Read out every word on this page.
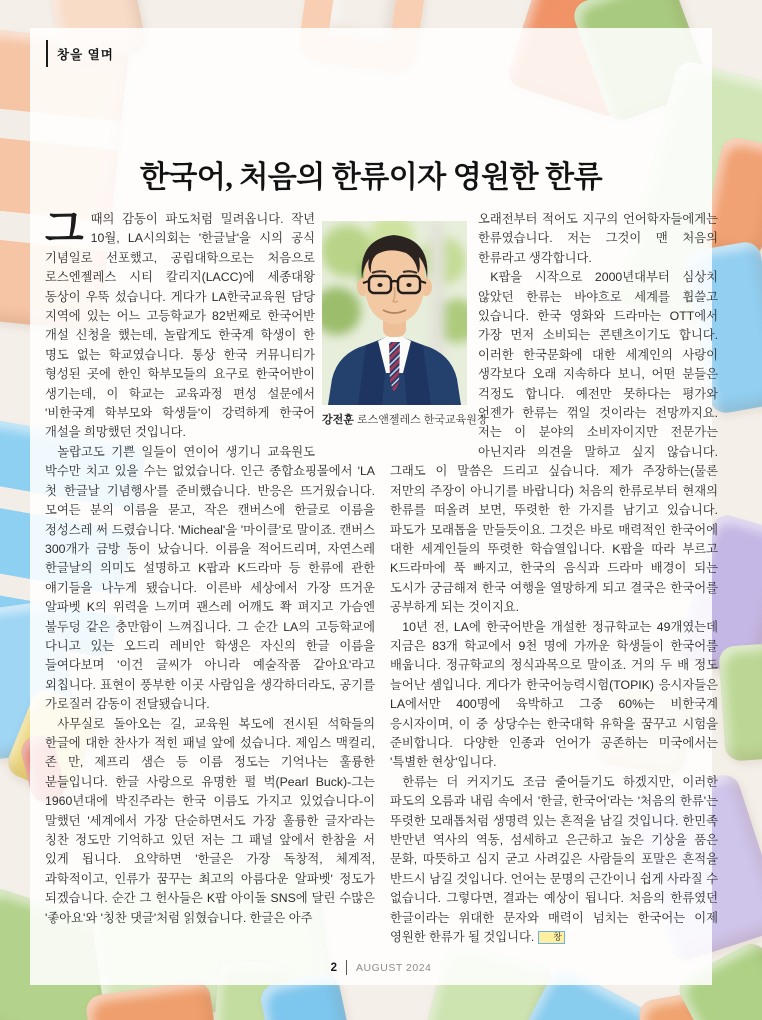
창을 열며
한국어, 처음의 한류이자 영원한 한류

그때의 감동이 파도처럼 밀려옵니다. 작년 10월, LA시의회는 '한글날'을 시의 공식 기념일로 선포했고, 공립대학으로는 처음으로 로스엔젤레스 시티 칼리지(LACC)에 세종대왕 동상이 우뚝 섰습니다. 게다가 LA한국교육원 담당 지역에 있는 어느 고등학교가 82번째로 한국어반 개설 신청을 했는데, 놀랍게도 한국계 학생이 한 명도 없는 학교였습니다. 통상 한국 커뮤니티가 형성된 곳에 한인 학부모들의 요구로 한국어반이 생기는데, 이 학교는 교육과정 편성 설문에서 '비한국계 학부모와 학생들'이 강력하게 한국어 개설을 희망했던 것입니다.

놀랍고도 기쁜 일들이 연이어 생기니 교육원도 박수만 치고 있을 수는 없었습니다. 인근 종합쇼핑몰에서 'LA 첫 한글날 기념행사'를 준비했습니다. 반응은 뜨거웠습니다. 모여든 분의 이름을 묻고, 작은 캔버스에 한글로 이름을 정성스레 써 드렸습니다. 'Micheal'을 '마이클'로 말이죠. 캔버스 300개가 금방 동이 났습니다. 이름을 적어드리며, 자연스레 한글날의 의미도 설명하고 K팝과 K드라마 등 한류에 관한 얘기들을 나누게 됐습니다. 이른바 세상에서 가장 뜨거운 알파벳 K의 위력을 느끼며 괜스레 어깨도 쫙 펴지고 가슴엔 불두덩 같은 충만함이 느껴집니다. 그 순간 LA의 고등학교에 다니고 있는 오드리 레비안 학생은 자신의 한글 이름을 들여다보며 '이건 글씨가 아니라 예술작품 같아요'라고 외칩니다. 표현이 풍부한 이곳 사람임을 생각하더라도, 공기를 가로질러 감동이 전달됐습니다.

사무실로 돌아오는 길, 교육원 복도에 전시된 석학들의 한글에 대한 찬사가 적힌 패널 앞에 섰습니다. 제임스 맥컬리, 존 만, 제프리 샘슨 등 이름 정도는 기억나는 훌륭한 분들입니다. 한글 사랑으로 유명한 펄 벅(Pearl Buck)-그는 1960년대에 박진주라는 한국 이름도 가지고 있었습니다-이 말했던 '세계에서 가장 단순하면서도 가장 훌륭한 글자'라는 칭찬 정도만 기억하고 있던 저는 그 패널 앞에서 한참을 서 있게 됩니다. 요약하면 '한글은 가장 독창적, 체계적, 과학적이고, 인류가 꿈꾸는 최고의 아름다운 알파벳' 정도가 되겠습니다. 순간 그 헌사들은 K팝 아이돌 SNS에 달린 수많은 '좋아요'와 '칭찬 댓글'처럼 읽혔습니다. 한글은 아주

오래전부터 적어도 지구의 언어학자들에게는 한류였습니다. 저는 그것이 맨 처음의 한류라고 생각합니다.

K팝을 시작으로 2000년대부터 심상치 않았던 한류는 바야흐로 세계를 휩쓸고 있습니다. 한국 영화와 드라마는 OTT에서 가장 먼저 소비되는 콘텐츠이기도 합니다. 이러한 한국문화에 대한 세계인의 사랑이 생각보다 오래 지속하다 보니, 어떤 분들은 걱정도 합니다. 예전만 못하다는 평가와 언젠가 한류는 꺾일 것이라는 전망까지요. 저는 이 분야의 소비자이지만 전문가는 아닌지라 의견을 말하고 싶지 않습니다. 그래도 이 말씀은 드리고 싶습니다. 제가 주장하는(물론 저만의 주장이 아니기를 바랍니다) 처음의 한류로부터 현재의 한류를 떠올려 보면, 뚜렷한 한 가지를 남기고 있습니다. 파도가 모래톱을 만들듯이요. 그것은 바로 매력적인 한국어에 대한 세계인들의 뚜렷한 학습열입니다. K팝을 따라 부르고 K드라마에 푹 빠지고, 한국의 음식과 드라마 배경이 되는 도시가 궁금해져 한국 여행을 열망하게 되고 결국은 한국어를 공부하게 되는 것이지요.

10년 전, LA에 한국어반을 개설한 정규학교는 49개였는데 지금은 83개 학교에서 9천 명에 가까운 학생들이 한국어를 배웁니다. 정규학교의 정식과목으로 말이죠. 거의 두 배 정도 늘어난 셈입니다. 게다가 한국어능력시험(TOPIK) 응시자들은 LA에서만 400명에 육박하고 그중 60%는 비한국계 응시자이며, 이 중 상당수는 한국대학 유학을 꿈꾸고 시험을 준비합니다. 다양한 인종과 언어가 공존하는 미국에서는 '특별한 현상'입니다.

한류는 더 커지기도 조금 줄어들기도 하겠지만, 이러한 파도의 오름과 내림 속에서 '한글, 한국어'라는 '처음의 한류'는 뚜렷한 모래톱처럼 생명력 있는 흔적을 남길 것입니다. 한민족 반만년 역사의 역동, 섬세하고 은근하고 높은 기상을 품은 문화, 따뜻하고 심지 굳고 사려깊은 사람들의 포말은 흔적을 반드시 남길 것입니다. 언어는 문명의 근간이니 쉽게 사라질 수 없습니다. 그렇다면, 결과는 예상이 됩니다. 처음의 한류였던 한글이라는 위대한 문자와 매력이 넘치는 한국어는 이제 영원한 한류가 될 것입니다. 창

강전훈 로스앤젤레스 한국교육원장
2 AUGUST 2024
